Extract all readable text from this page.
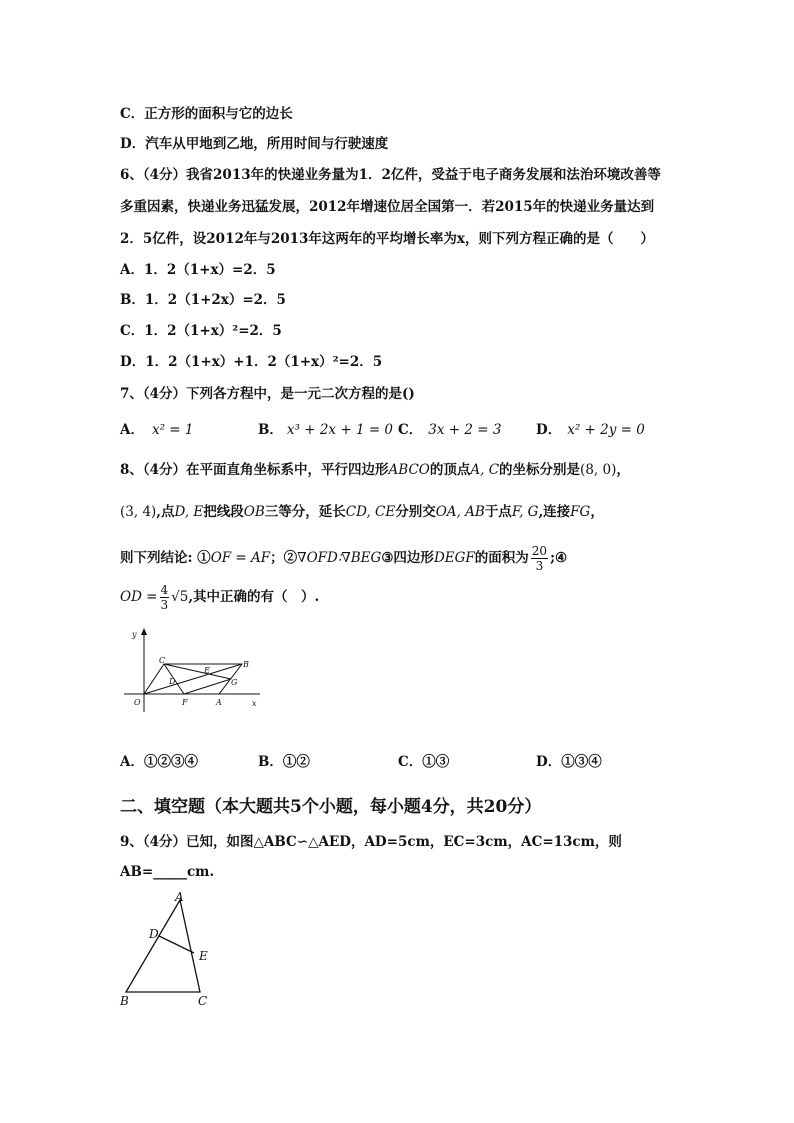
C．正方形的面积与它的边长
D．汽车从甲地到乙地，所用时间与行驶速度
6、（4分）我省2013年的快递业务量为1．2亿件，受益于电子商务发展和法治环境改善等
多重因素，快递业务迅猛发展，2012年增速位居全国第一．若2015年的快递业务量达到
2．5亿件，设2012年与2013年这两年的平均增长率为x，则下列方程正确的是（　　）
A．1．2（1+x）=2．5
B．1．2（1+2x）=2．5
C．1．2（1+x）²=2．5
D．1．2（1+x）+1．2（1+x）²=2．5
7、（4分）下列各方程中，是一元二次方程的是()
A． x² = 1	B． x³ + 2x + 1 = 0 C． 3x + 2 = 3	D． x² + 2y = 0
8、（4分）在平面直角坐标系中，平行四边形ABCO的顶点A, C的坐标分别是(8, 0)，
(3, 4),点D, E把线段OB三等分，延长CD, CE分别交OA, AB于点F, G,连接FG，
则下列结论: ①OF = AF；②∇OFD∶∇BEG③四边形DEGF的面积为 $\frac{20}{3}$ ;④
OD = $\frac{4}{3} √5$,其中正确的有（　）.
y
x
O
C
E
B
D	G
F	A
A．①②③④	B．①②	C．①③	D．①③④
二、填空题（本大题共5个小题，每小题4分，共20分）
9、（4分）已知，如图△ABC∽△AED，AD=5cm，EC=3cm，AC=13cm，则
AB=_____cm.
A
D
E
B	C
